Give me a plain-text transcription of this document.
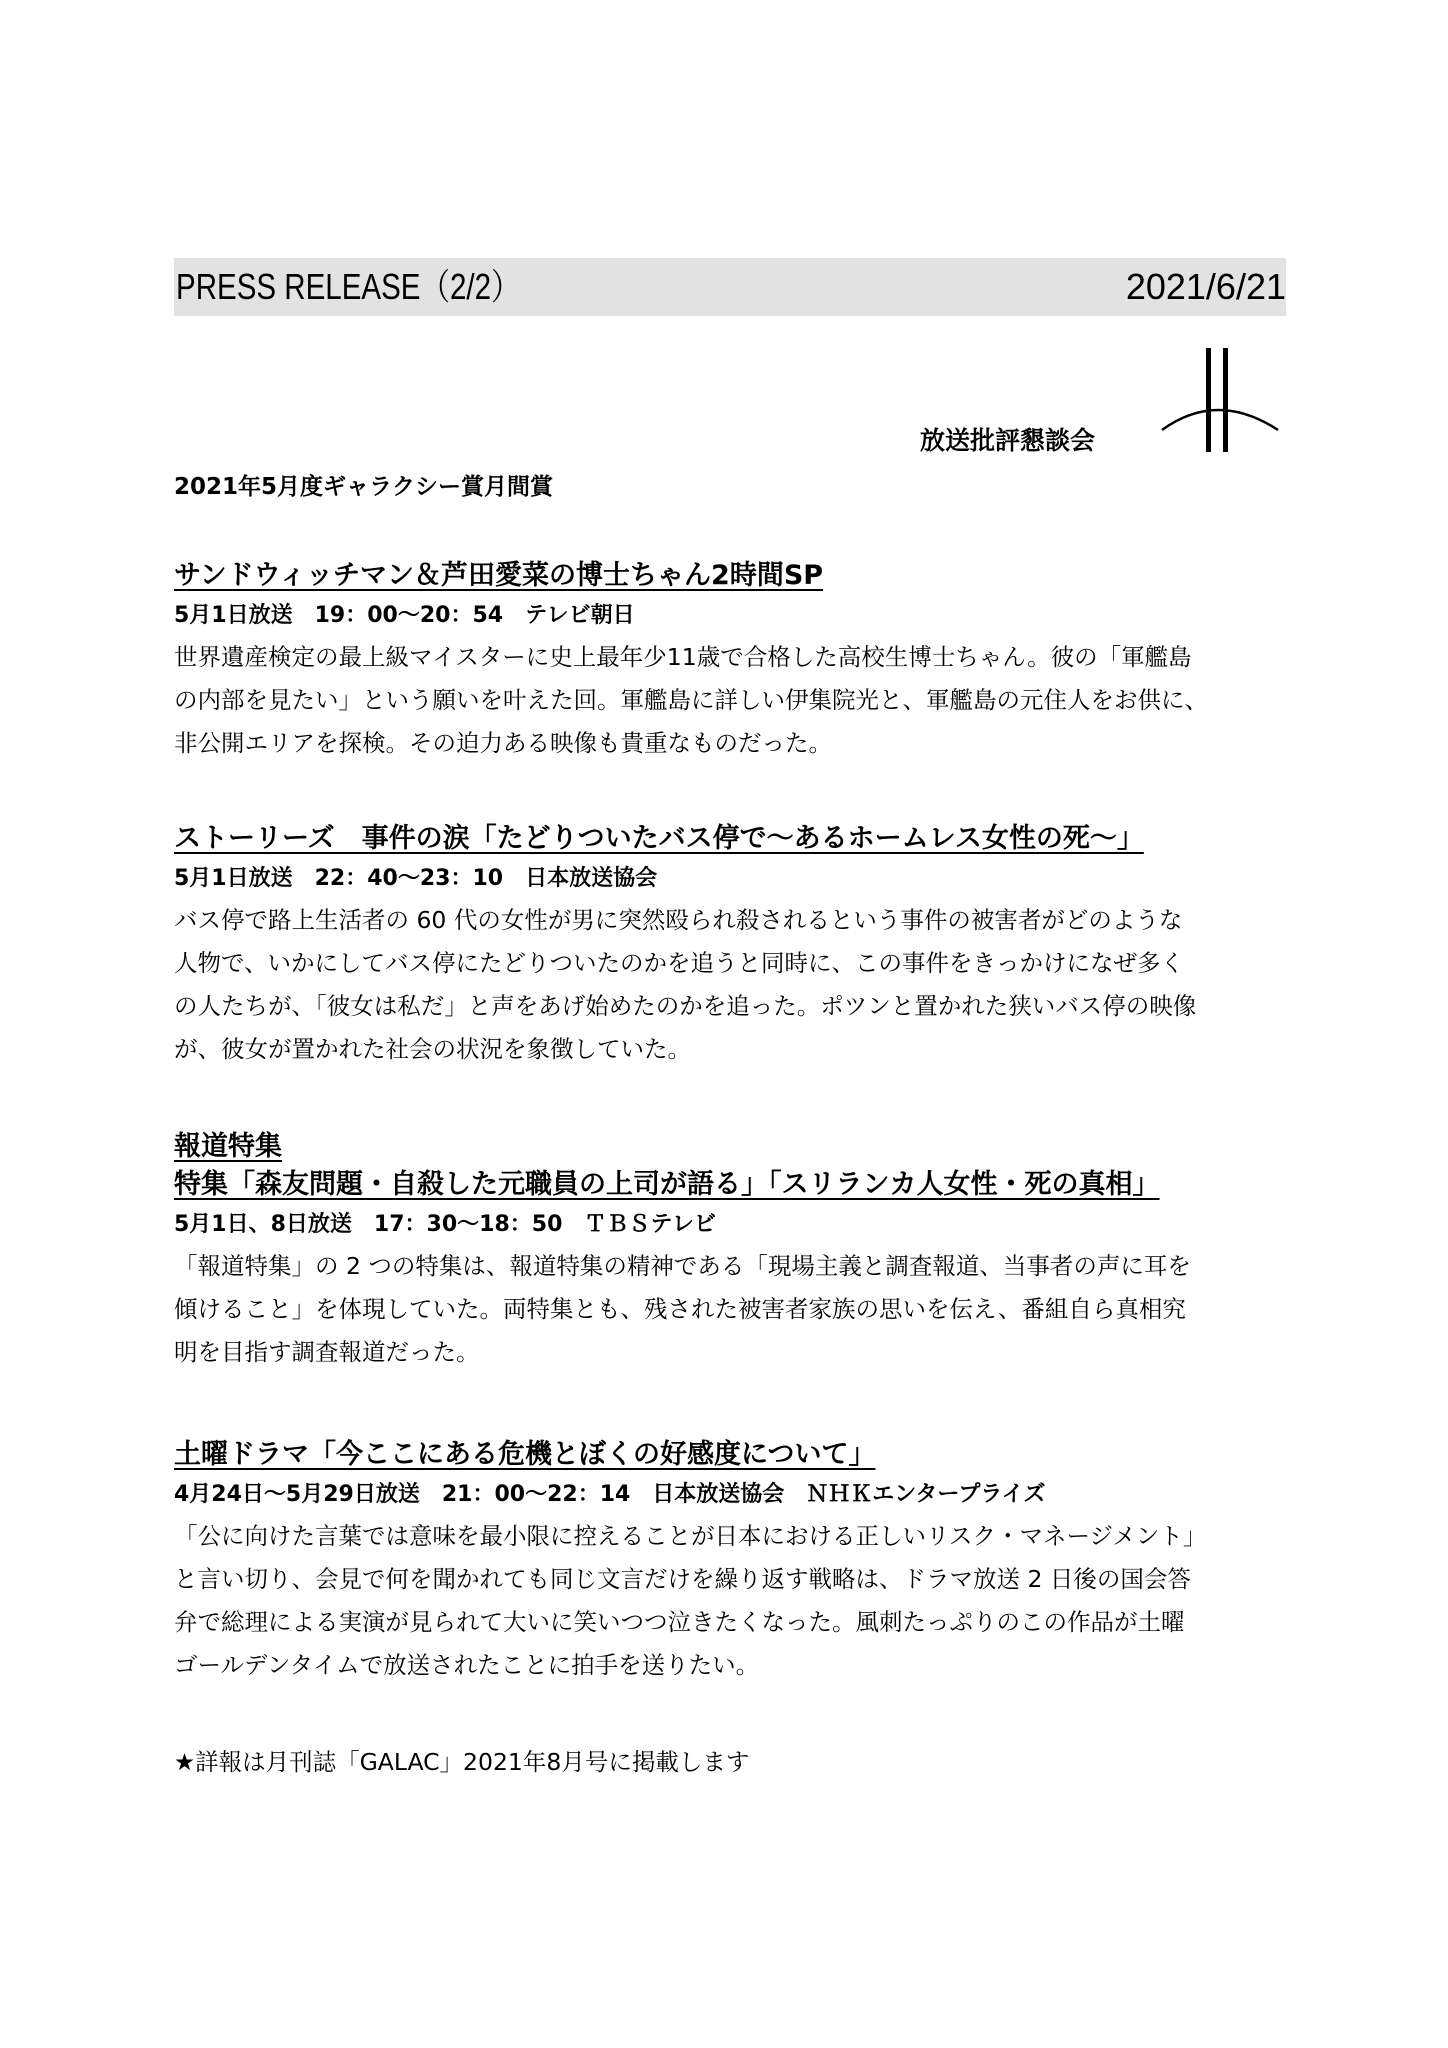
PRESS RELEASE（2/2）	2021/6/21
放送批評懇談会
2021年5月度ギャラクシー賞月間賞
サンドウィッチマン＆芦田愛菜の博士ちゃん2時間SP
5月1日放送　19：00～20：54　テレビ朝日
世界遺産検定の最上級マイスターに史上最年少11歳で合格した高校生博士ちゃん。彼の「軍艦島
の内部を見たい」という願いを叶えた回。軍艦島に詳しい伊集院光と、軍艦島の元住人をお供に、
非公開エリアを探検。その迫力ある映像も貴重なものだった。
ストーリーズ　事件の涙「たどりついたバス停で～あるホームレス女性の死～」
5月1日放送　22：40～23：10　日本放送協会
バス停で路上生活者の 60 代の女性が男に突然殴られ殺されるという事件の被害者がどのような
人物で、いかにしてバス停にたどりついたのかを追うと同時に、この事件をきっかけになぜ多く
の人たちが、「彼女は私だ」と声をあげ始めたのかを追った。ポツンと置かれた狭いバス停の映像
が、彼女が置かれた社会の状況を象徴していた。
報道特集
特集「森友問題・自殺した元職員の上司が語る」「スリランカ人女性・死の真相」
5月1日、8日放送　17：30～18：50　ＴＢＳテレビ
「報道特集」の 2 つの特集は、報道特集の精神である「現場主義と調査報道、当事者の声に耳を
傾けること」を体現していた。両特集とも、残された被害者家族の思いを伝え、番組自ら真相究
明を目指す調査報道だった。
土曜ドラマ「今ここにある危機とぼくの好感度について」
4月24日～5月29日放送　21：00～22：14　日本放送協会　ＮＨＫエンタープライズ
「公に向けた言葉では意味を最小限に控えることが日本における正しいリスク・マネージメント」
と言い切り、会見で何を聞かれても同じ文言だけを繰り返す戦略は、ドラマ放送 2 日後の国会答
弁で総理による実演が見られて大いに笑いつつ泣きたくなった。風刺たっぷりのこの作品が土曜
ゴールデンタイムで放送されたことに拍手を送りたい。
★詳報は月刊誌「GALAC」2021年8月号に掲載します
